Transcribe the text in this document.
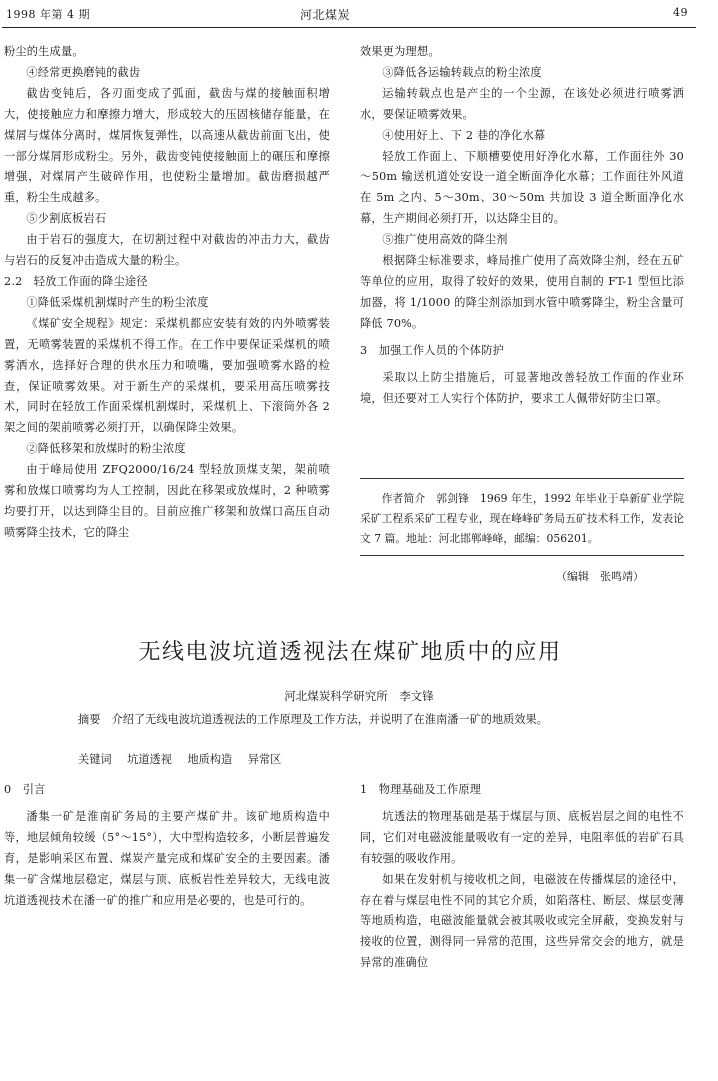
1998 年第 4 期	河北煤炭	49

粉尘的生成量。

④经常更换磨钝的截齿

截齿变钝后，各刃面变成了弧面，截齿与煤的接触面积增大，使接触应力和摩擦力增大，形成较大的压固核储存能量，在煤屑与煤体分离时，煤屑恢复弹性，以高速从截齿前面飞出，使一部分煤屑形成粉尘。另外，截齿变钝使接触面上的碾压和摩擦增强，对煤屑产生破碎作用，也使粉尘量增加。截齿磨损越严重，粉尘生成越多。

⑤少割底板岩石

由于岩石的强度大，在切割过程中对截齿的冲击力大，截齿与岩石的反复冲击造成大量的粉尘。

2.2　轻放工作面的降尘途径

①降低采煤机割煤时产生的粉尘浓度

《煤矿安全规程》规定：采煤机都应安装有效的内外喷雾装置，无喷雾装置的采煤机不得工作。在工作中要保证采煤机的喷雾洒水，选择好合理的供水压力和喷嘴，要加强喷雾水路的检查，保证喷雾效果。对于新生产的采煤机，要采用高压喷雾技术，同时在轻放工作面采煤机割煤时，采煤机上、下滚筒外各 2 架之间的架前喷雾必须打开，以确保降尘效果。

②降低移架和放煤时的粉尘浓度

由于峰局使用 ZFQ2000/16/24 型轻放顶煤支架，架前喷雾和放煤口喷雾均为人工控制，因此在移架或放煤时，2 种喷雾均要打开，以达到降尘目的。目前应推广移架和放煤口高压自动喷雾降尘技术，它的降尘

效果更为理想。

③降低各运输转载点的粉尘浓度

运输转载点也是产尘的一个尘源，在该处必须进行喷雾洒水，要保证喷雾效果。

④使用好上、下 2 巷的净化水幕

轻放工作面上、下顺槽要使用好净化水幕，工作面往外 30～50m 输送机道处安设一道全断面净化水幕；工作面往外风道在 5m 之内、5～30m、30～50m 共加设 3 道全断面净化水幕，生产期间必须打开，以达降尘目的。

⑤推广使用高效的降尘剂

根据降尘标准要求，峰局推广使用了高效降尘剂，经在五矿等单位的应用，取得了较好的效果，使用自制的 FT-1 型恒比添加器，将 1/1000 的降尘剂添加到水管中喷雾降尘，粉尘含量可降低 70%。

3　加强工作人员的个体防护

采取以上防尘措施后，可显著地改善轻放工作面的作业环境，但还要对工人实行个体防护，要求工人佩带好防尘口罩。

作者简介　郭剑锋　1969 年生，1992 年毕业于阜新矿业学院采矿工程系采矿工程专业，现在峰峰矿务局五矿技术科工作，发表论文 7 篇。地址：河北邯郸峰峰，邮编：056201。

（编辑　张鸣靖）
无线电波坑道透视法在煤矿地质中的应用
河北煤炭科学研究所　李文锋

摘要　 介绍了无线电波坑道透视法的工作原理及工作方法，并说明了在淮南潘一矿的地质效果。

关键词 坑道透视 地质构造 异常区

0　引言

潘集一矿是淮南矿务局的主要产煤矿井。该矿地质构造中等，地层倾角较缓（5°～15°），大中型构造较多，小断层普遍发育，是影响采区布置、煤炭产量完成和煤矿安全的主要因素。潘集一矿含煤地层稳定，煤层与顶、底板岩性差异较大，无线电波坑道透视技术在潘一矿的推广和应用是必要的，也是可行的。

1　物理基础及工作原理

坑透法的物理基础是基于煤层与顶、底板岩层之间的电性不同，它们对电磁波能量吸收有一定的差异，电阻率低的岩矿石具有较强的吸收作用。

如果在发射机与接收机之间，电磁波在传播煤层的途径中，存在着与煤层电性不同的其它介质，如陷落柱、断层、煤层变薄等地质构造，电磁波能量就会被其吸收或完全屏蔽，变换发射与接收的位置，测得同一异常的范围，这些异常交会的地方，就是异常的准确位
